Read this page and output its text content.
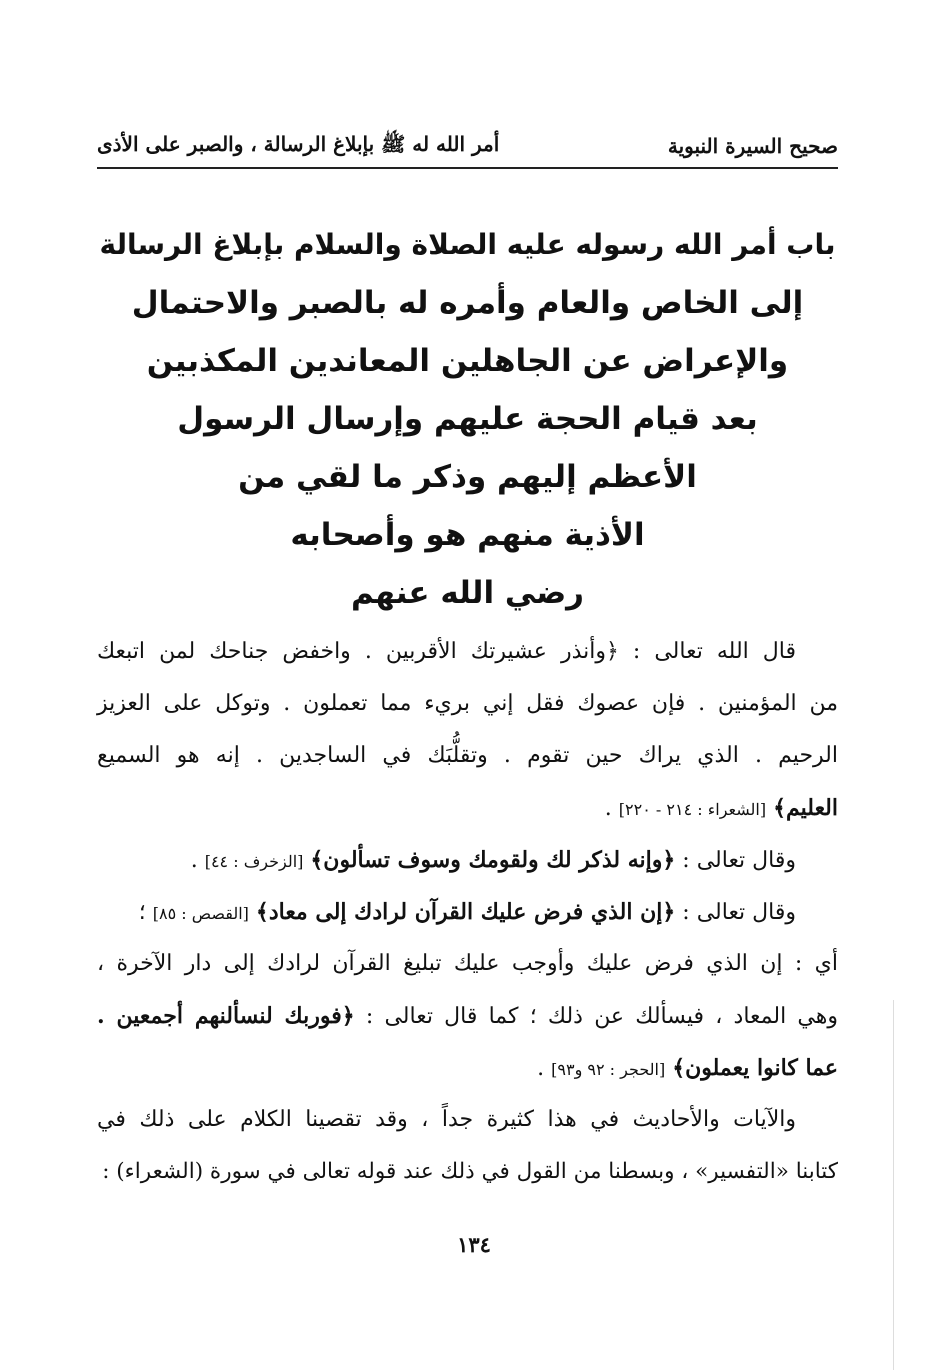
صحيح السيرة النبوية
أمر الله له ﷺ بإبلاغ الرسالة ، والصبر على الأذى
باب أمر الله رسوله عليه الصلاة والسلام بإبلاغ الرسالة
إلى الخاص والعام وأمره له بالصبر والاحتمال
والإعراض عن الجاهلين المعاندين المكذبين
بعد قيام الحجة عليهم وإرسال الرسول
الأعظم إليهم وذكر ما لقي من
الأذية منهم هو وأصحابه
رضي الله عنهم

قال الله تعالى : ﴿وأنذر عشيرتك الأقربين . واخفض جناحك لمن اتبعك
من المؤمنين . فإن عصوك فقل إني بريء مما تعملون . وتوكل على العزيز
الرحيم . الذي يراك حين تقوم . وتقلُّبَك في الساجدين . إنه هو السميع
العليم﴾ [الشعراء : ٢١٤ - ٢٢٠] .

وقال تعالى : ﴿وإنه لذكر لك ولقومك وسوف تسألون﴾ [الزخرف : ٤٤] .

وقال تعالى : ﴿إن الذي فرض عليك القرآن لرادك إلى معاد﴾ [القصص : ٨٥] ؛
أي : إن الذي فرض عليك وأوجب عليك تبليغ القرآن لرادك إلى دار الآخرة ،
وهي المعاد ، فيسألك عن ذلك ؛ كما قال تعالى : ﴿فوربك لنسألنهم أجمعين .
عما كانوا يعملون﴾ [الحجر : ٩٢ و٩٣] .

والآيات والأحاديث في هذا كثيرة جداً ، وقد تقصينا الكلام على ذلك في
كتابنا «التفسير» ، وبسطنا من القول في ذلك عند قوله تعالى في سورة (الشعراء) :

١٣٤
